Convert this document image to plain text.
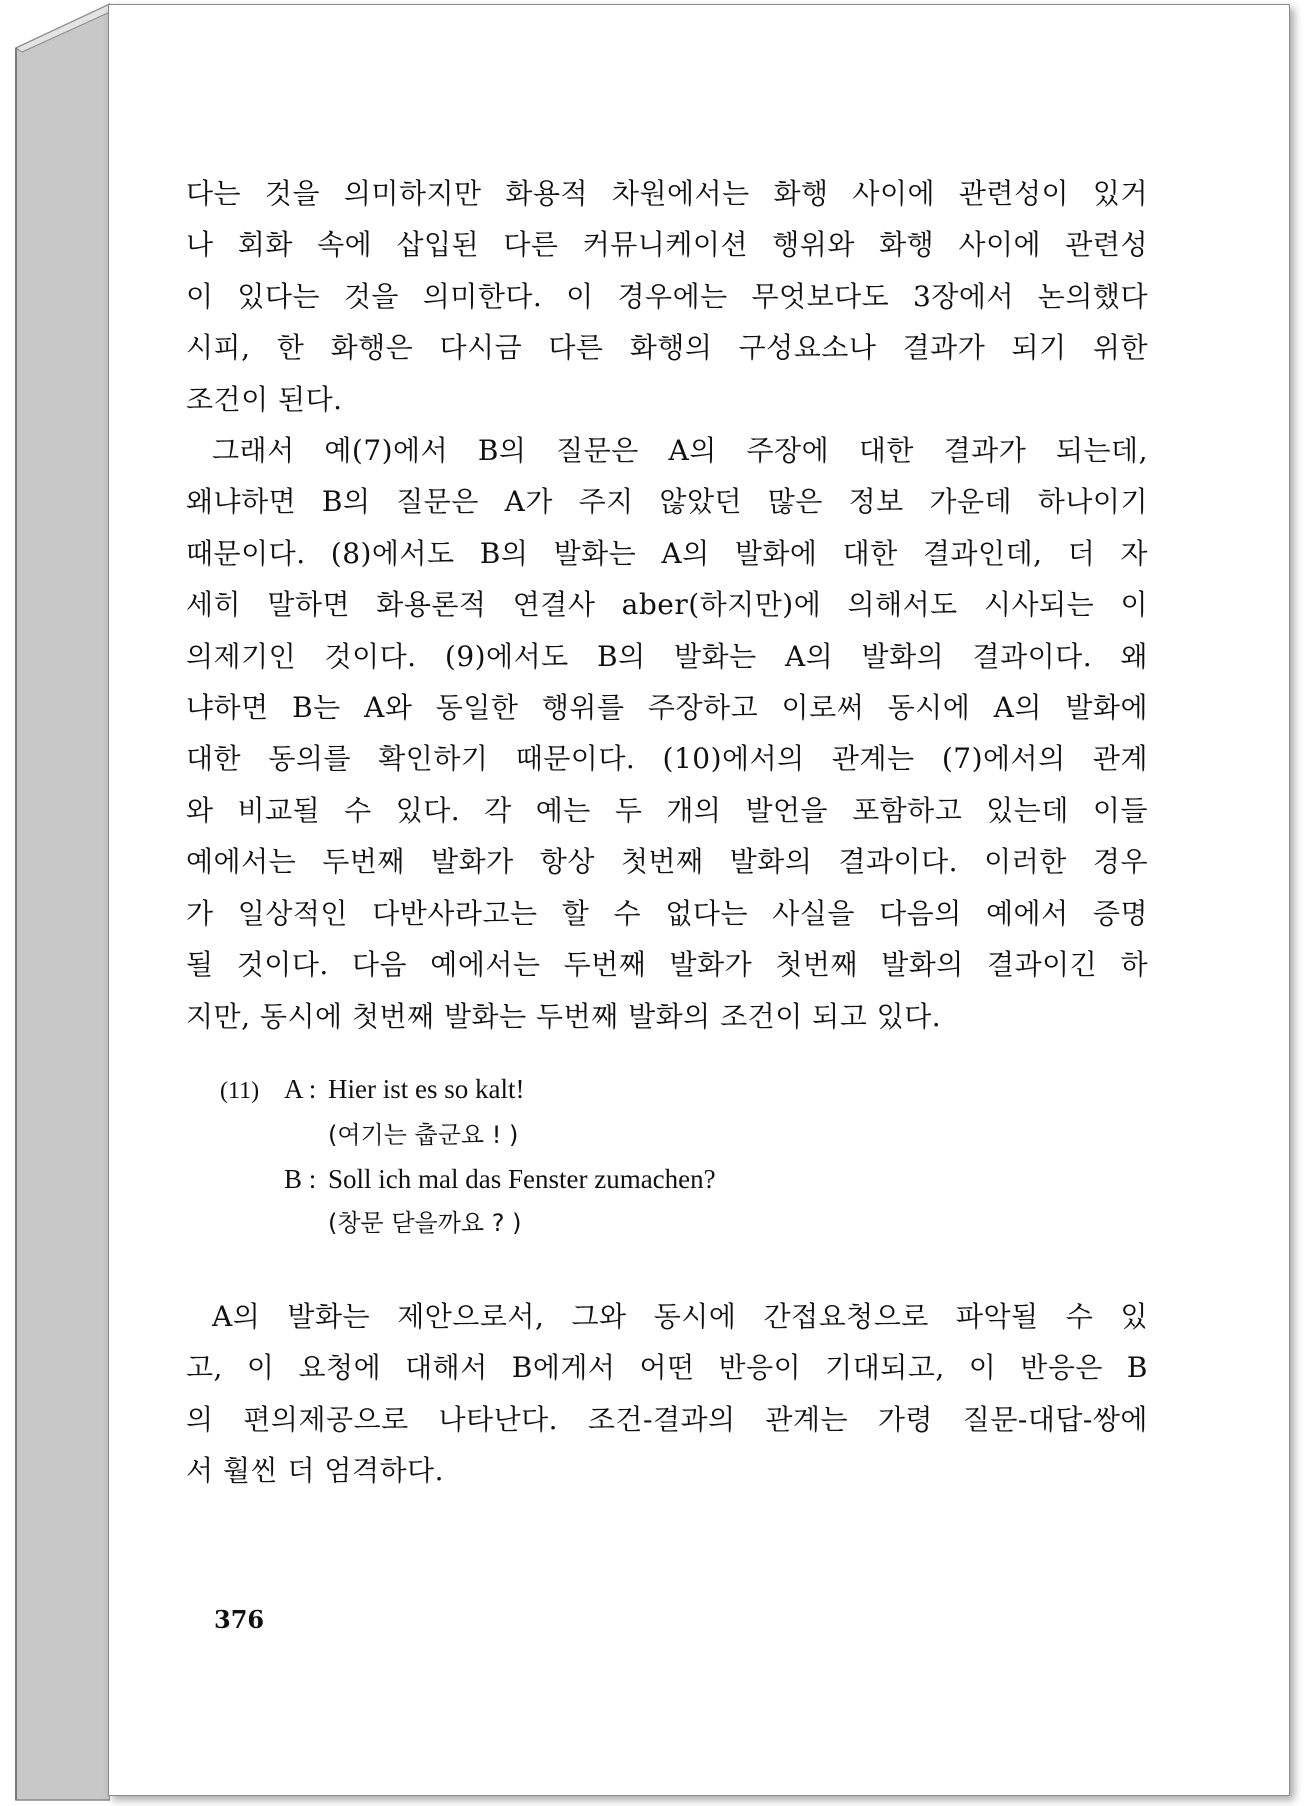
다는 것을 의미하지만 화용적 차원에서는 화행 사이에 관련성이 있거
나 회화 속에 삽입된 다른 커뮤니케이션 행위와 화행 사이에 관련성
이 있다는 것을 의미한다. 이 경우에는 무엇보다도 3장에서 논의했다
시피, 한 화행은 다시금 다른 화행의 구성요소나 결과가 되기 위한
조건이 된다.
그래서 예(7)에서 B의 질문은 A의 주장에 대한 결과가 되는데,
왜냐하면 B의 질문은 A가 주지 않았던 많은 정보 가운데 하나이기
때문이다. (8)에서도 B의 발화는 A의 발화에 대한 결과인데, 더 자
세히 말하면 화용론적 연결사 aber(하지만)에 의해서도 시사되는 이
의제기인 것이다. (9)에서도 B의 발화는 A의 발화의 결과이다. 왜
냐하면 B는 A와 동일한 행위를 주장하고 이로써 동시에 A의 발화에
대한 동의를 확인하기 때문이다. (10)에서의 관계는 (7)에서의 관계
와 비교될 수 있다. 각 예는 두 개의 발언을 포함하고 있는데 이들
예에서는 두번째 발화가 항상 첫번째 발화의 결과이다. 이러한 경우
가 일상적인 다반사라고는 할 수 없다는 사실을 다음의 예에서 증명
될 것이다. 다음 예에서는 두번째 발화가 첫번째 발화의 결과이긴 하
지만, 동시에 첫번째 발화는 두번째 발화의 조건이 되고 있다.
(11) A : Hier ist es so kalt!
(여기는 춥군요 ! )
B : Soll ich mal das Fenster zumachen?
(창문 닫을까요 ? )
A의 발화는 제안으로서, 그와 동시에 간접요청으로 파악될 수 있
고, 이 요청에 대해서 B에게서 어떤 반응이 기대되고, 이 반응은 B
의 편의제공으로 나타난다. 조건-결과의 관계는 가령 질문-대답-쌍에
서 훨씬 더 엄격하다.
376
